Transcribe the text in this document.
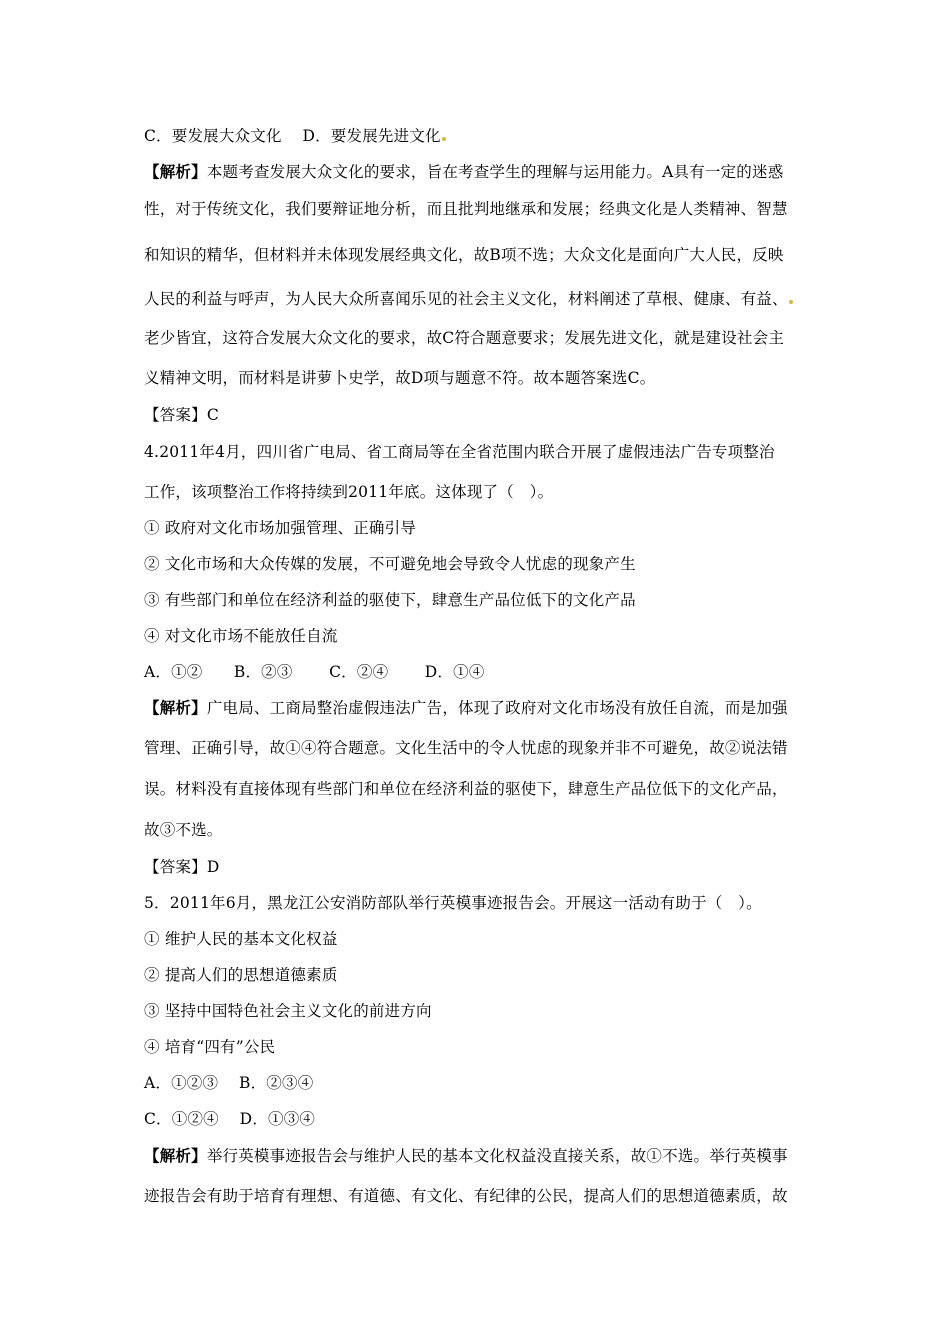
C．要发展大众文化　 D．要发展先进文化
【解析】本题考查发展大众文化的要求，旨在考查学生的理解与运用能力。A具有一定的迷惑
性，对于传统文化，我们要辩证地分析，而且批判地继承和发展；经典文化是人类精神、智慧
和知识的精华，但材料并未体现发展经典文化，故B项不选；大众文化是面向广大人民，反映
人民的利益与呼声，为人民大众所喜闻乐见的社会主义文化，材料阐述了草根、健康、有益、
老少皆宜，这符合发展大众文化的要求，故C符合题意要求；发展先进文化，就是建设社会主
义精神文明，而材料是讲萝卜史学，故D项与题意不符。故本题答案选C。
【答案】C
4.2011年4月，四川省广电局、省工商局等在全省范围内联合开展了虚假违法广告专项整治
工作，该项整治工作将持续到2011年底。这体现了（　）。
① 政府对文化市场加强管理、正确引导
② 文化市场和大众传媒的发展，不可避免地会导致令人忧虑的现象产生
③ 有些部门和单位在经济利益的驱使下，肆意生产品位低下的文化产品
④ 对文化市场不能放任自流
A．①②　　B．②③　　 C．②④　　 D．①④
【解析】广电局、工商局整治虚假违法广告，体现了政府对文化市场没有放任自流，而是加强
管理、正确引导，故①④符合题意。文化生活中的令人忧虑的现象并非不可避免，故②说法错
误。材料没有直接体现有些部门和单位在经济利益的驱使下，肆意生产品位低下的文化产品，
故③不选。
【答案】D
5．2011年6月，黑龙江公安消防部队举行英模事迹报告会。开展这一活动有助于（　）。
① 维护人民的基本文化权益
② 提高人们的思想道德素质
③ 坚持中国特色社会主义文化的前进方向
④ 培育“四有”公民
A．①②③　 B．②③④
C．①②④　 D．①③④
【解析】举行英模事迹报告会与维护人民的基本文化权益没直接关系，故①不选。举行英模事
迹报告会有助于培育有理想、有道德、有文化、有纪律的公民，提高人们的思想道德素质，故
